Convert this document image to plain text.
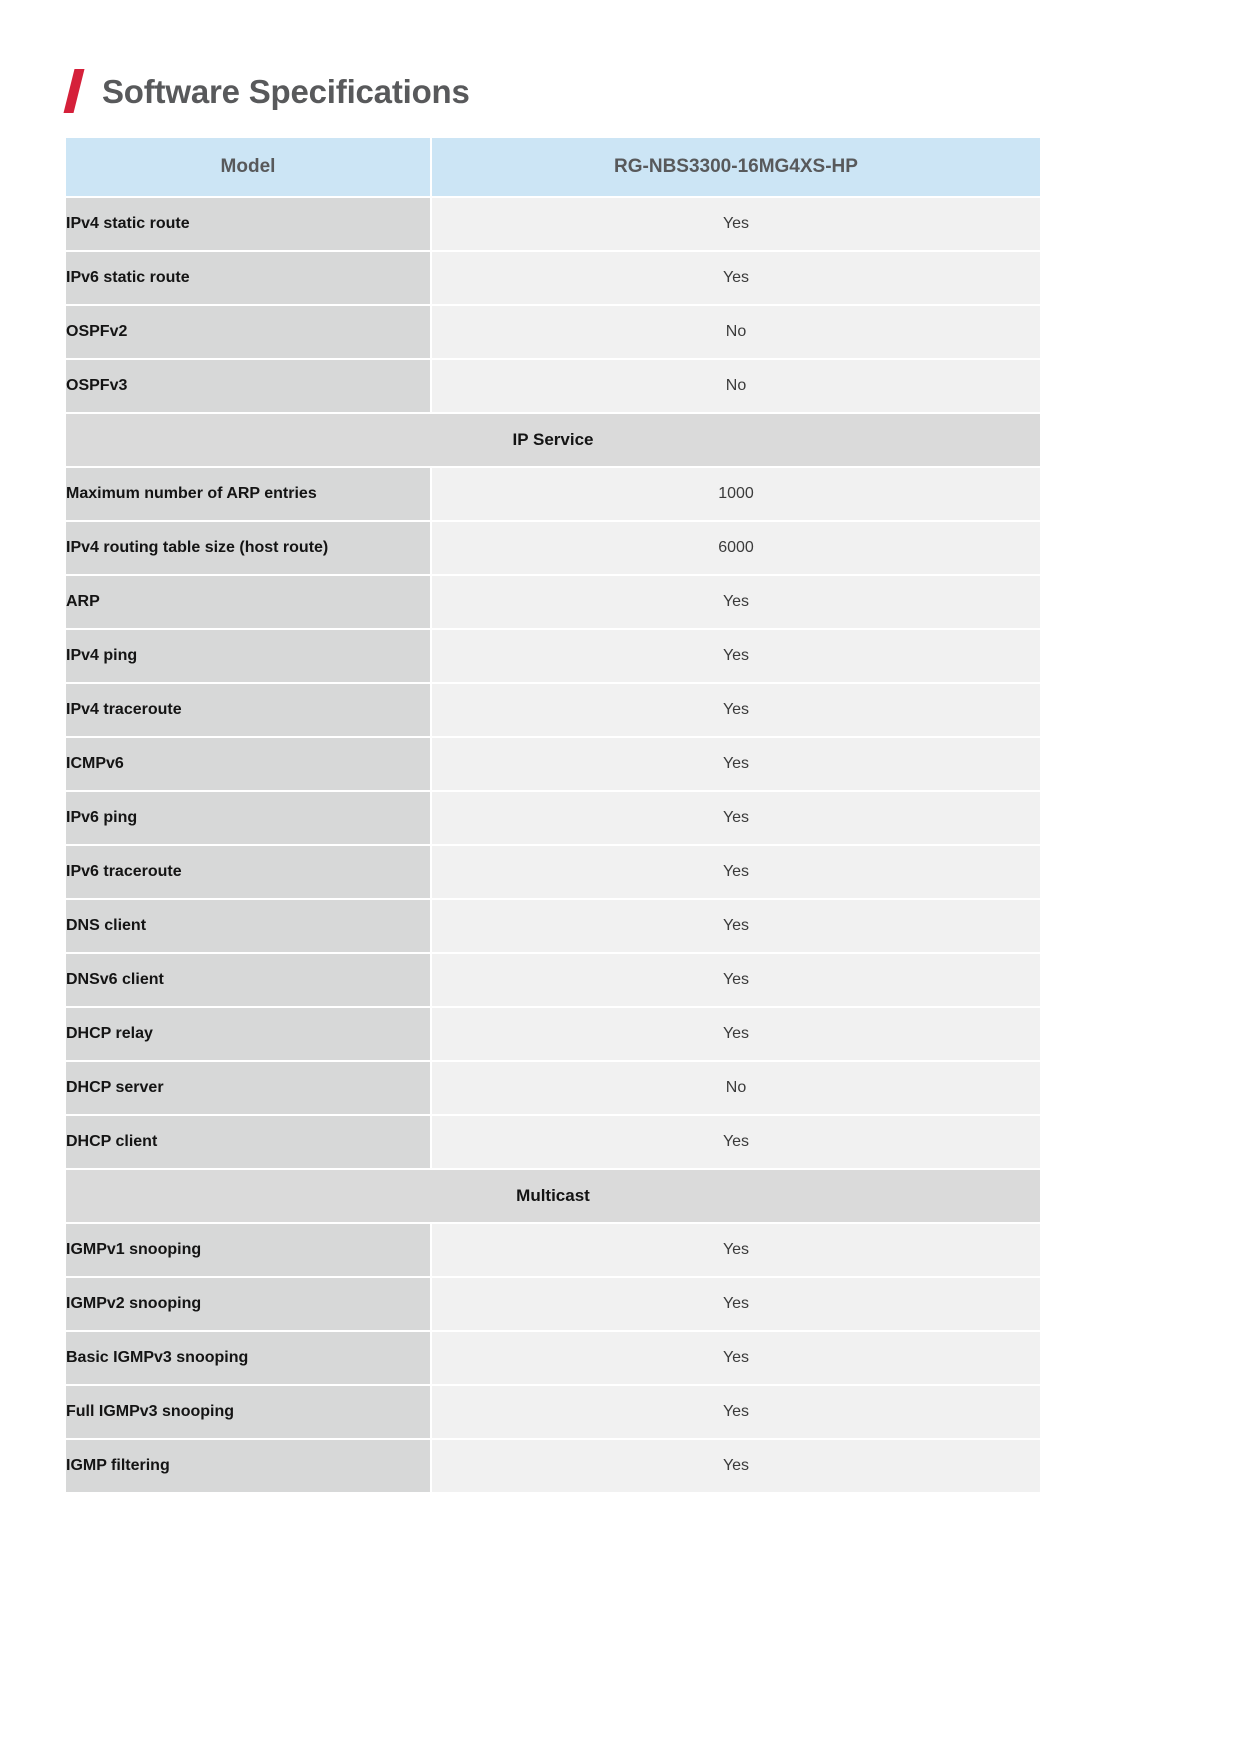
Software Specifications
Model	RG-NBS3300-16MG4XS-HP
IPv4 static route	Yes
IPv6 static route	Yes
OSPFv2	No
OSPFv3	No
IP Service	
Maximum number of ARP entries	1000
IPv4 routing table size (host route)	6000
ARP	Yes
IPv4 ping	Yes
IPv4 traceroute	Yes
ICMPv6	Yes
IPv6 ping	Yes
IPv6 traceroute	Yes
DNS client	Yes
DNSv6 client	Yes
DHCP relay	Yes
DHCP server	No
DHCP client	Yes
Multicast	
IGMPv1 snooping	Yes
IGMPv2 snooping	Yes
Basic IGMPv3 snooping	Yes
Full IGMPv3 snooping	Yes
IGMP filtering	Yes
